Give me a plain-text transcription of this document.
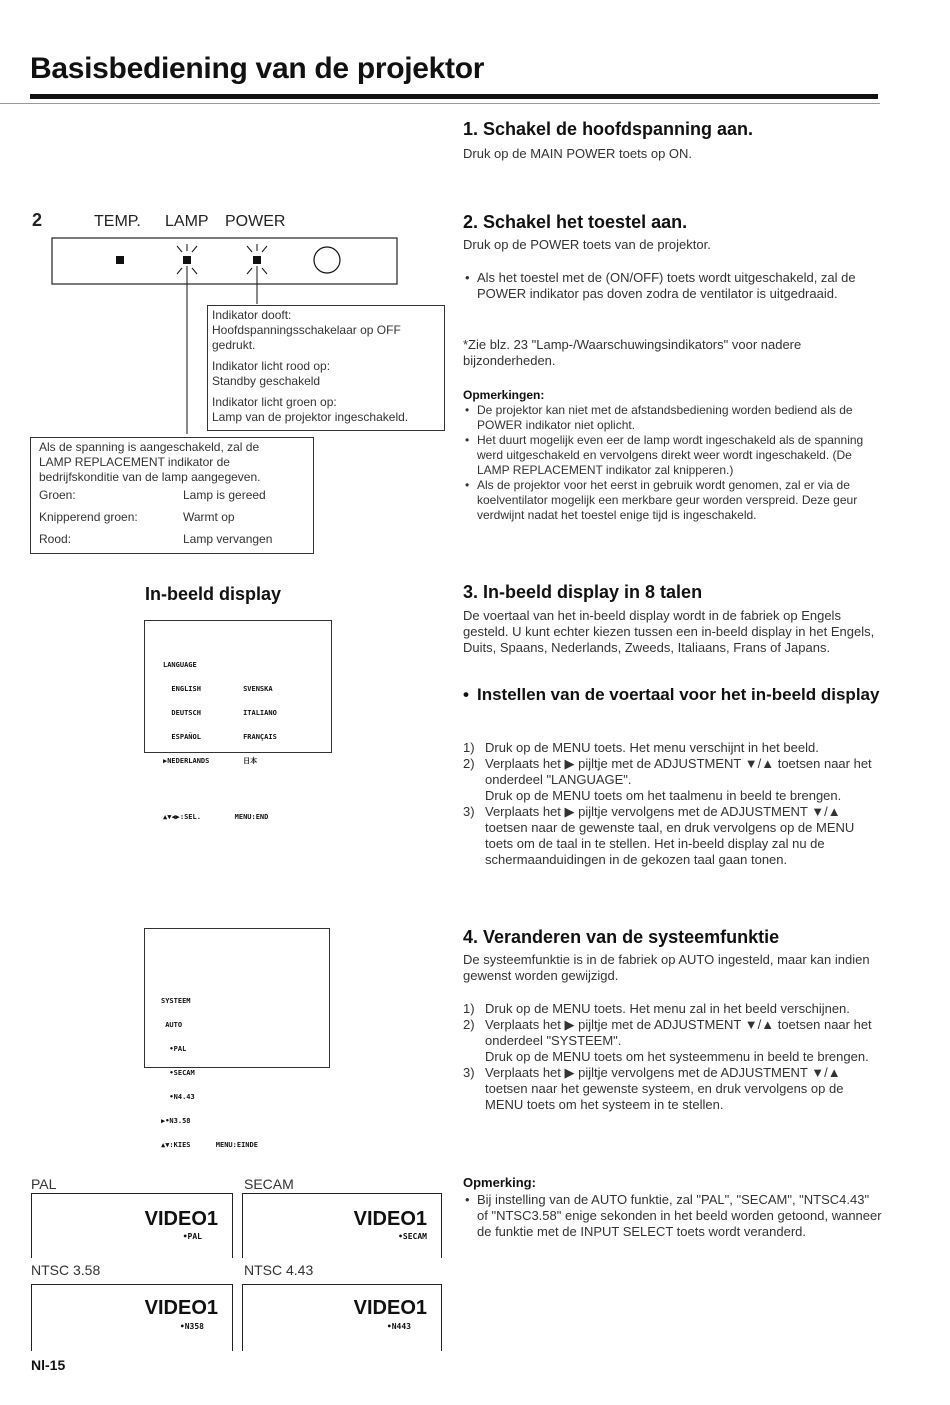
Basisbediening van de projektor
1. Schakel de hoofdspanning aan.
Druk op de MAIN POWER toets op ON.
2	TEMP. LAMP POWER
Indikator dooft:
Hoofdspanningsschakelaar op OFF
gedrukt.
Indikator licht rood op:
Standby geschakeld
Indikator licht groen op:
Lamp van de projektor ingeschakeld.
Als de spanning is aangeschakeld, zal de
LAMP REPLACEMENT indikator de
bedrijfskonditie van de lamp aangegeven.
Groen:	Lamp is gereed
Knipperend groen:	Warmt op
Rood:	Lamp vervangen
2. Schakel het toestel aan.
Druk op de POWER toets van de projektor.
• Als het toestel met de (ON/OFF) toets wordt uitgeschakeld, zal de POWER indikator pas doven zodra de ventilator is uitgedraaid.
*Zie blz. 23 "Lamp-/Waarschuwingsindikators" voor nadere bijzonderheden.
Opmerkingen:
• De projektor kan niet met de afstandsbediening worden bediend als de POWER indikator niet oplicht.
• Het duurt mogelijk even eer de lamp wordt ingeschakeld als de spanning werd uitgeschakeld en vervolgens direkt weer wordt ingeschakeld. (De LAMP REPLACEMENT indikator zal knipperen.)
• Als de projektor voor het eerst in gebruik wordt genomen, zal er via de koelventilator mogelijk een merkbare geur worden verspreid. Deze geur verdwijnt nadat het toestel enige tijd is ingeschakeld.
In-beeld display

LANGUAGE

ENGLISH          SVENSKA

DEUTSCH          ITALIANO

ESPAÑOL          FRANÇAIS

▶NEDERLANDS        日本

▲▼◀▶:SEL.        MENU:END

3. In-beeld display in 8 talen
De voertaal van het in-beeld display wordt in de fabriek op Engels gesteld. U kunt echter kiezen tussen een in-beeld display in het Engels, Duits, Spaans, Nederlands, Zweeds, Italiaans, Frans of Japans.
• Instellen van de voertaal voor het in-beeld display
1) Druk op de MENU toets. Het menu verschijnt in het beeld.
2) Verplaats het ▶ pijltje met de ADJUSTMENT ▼/▲ toetsen naar het onderdeel "LANGUAGE".
Druk op de MENU toets om het taalmenu in beeld te brengen.
3) Verplaats het ▶ pijltje vervolgens met de ADJUSTMENT ▼/▲ toetsen naar de gewenste taal, en druk vervolgens op de MENU toets om de taal in te stellen. Het in-beeld display zal nu de schermaanduidingen in de gekozen taal gaan tonen.

SYSTEEM

AUTO

•PAL

•SECAM

•N4.43

▶•N3.58

▲▼:KIES      MENU:EINDE

4. Veranderen van de systeemfunktie
De systeemfunktie is in de fabriek op AUTO ingesteld, maar kan indien gewenst worden gewijzigd.
1) Druk op de MENU toets. Het menu zal in het beeld verschijnen.
2) Verplaats het ▶ pijltje met de ADJUSTMENT ▼/▲ toetsen naar het onderdeel "SYSTEEM".
Druk op de MENU toets om het systeemmenu in beeld te brengen.
3) Verplaats het ▶ pijltje vervolgens met de ADJUSTMENT ▼/▲ toetsen naar het gewenste systeem, en druk vervolgens op de MENU toets om het systeem in te stellen.
Opmerking:
• Bij instelling van de AUTO funktie, zal "PAL", "SECAM", "NTSC4.43" of "NTSC3.58" enige sekonden in het beeld worden getoond, wanneer de funktie met de INPUT SELECT toets wordt veranderd.
PAL
VIDEO1
•PAL
SECAM
VIDEO1
•SECAM
NTSC 3.58
VIDEO1
•N358
NTSC 4.43
VIDEO1
•N443
Nl-15
